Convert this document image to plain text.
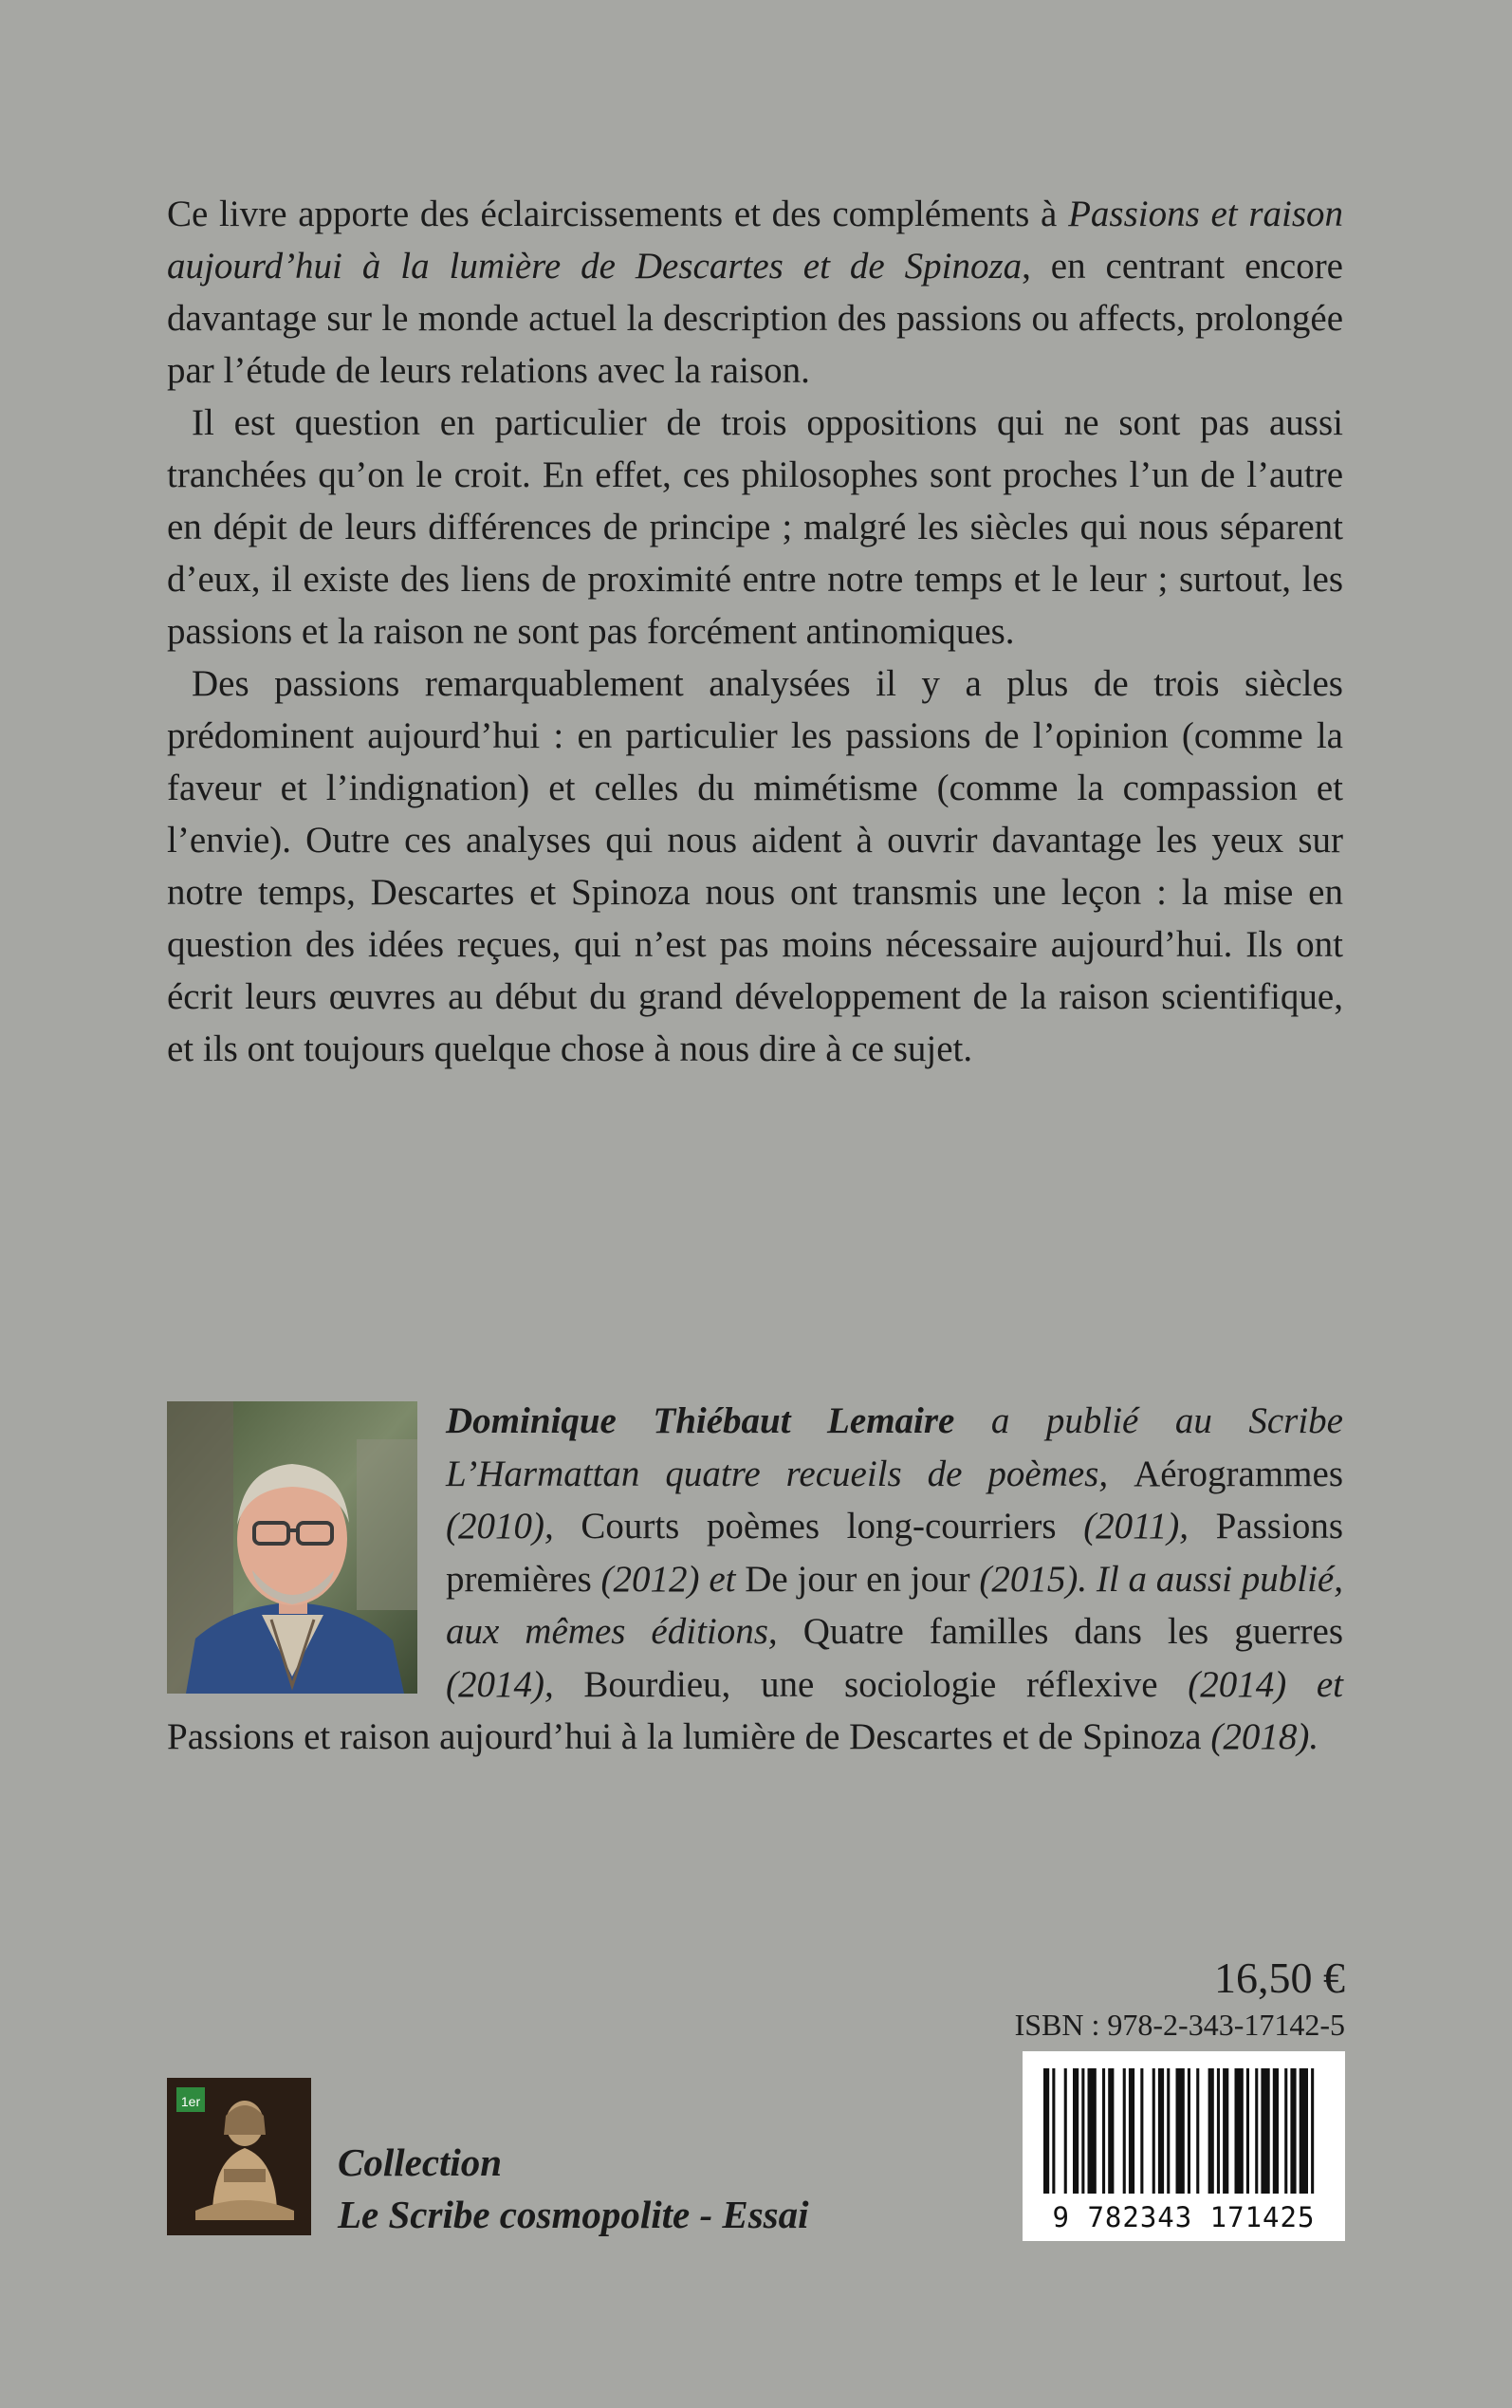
Ce livre apporte des éclaircissements et des compléments à Passions et raison aujourd’hui à la lumière de Descartes et de Spinoza, en centrant encore davantage sur le monde actuel la description des passions ou affects, prolongée par l’étude de leurs relations avec la raison.

Il est question en particulier de trois oppositions qui ne sont pas aussi tranchées qu’on le croit. En effet, ces philosophes sont proches l’un de l’autre en dépit de leurs différences de principe ; malgré les siècles qui nous séparent d’eux, il existe des liens de proximité entre notre temps et le leur ; surtout, les passions et la raison ne sont pas forcément antinomiques.

Des passions remarquablement analysées il y a plus de trois siècles prédominent aujourd’hui : en particulier les passions de l’opinion (comme la faveur et l’indignation) et celles du mimétisme (comme la compassion et l’envie). Outre ces analyses qui nous aident à ouvrir davantage les yeux sur notre temps, Descartes et Spinoza nous ont transmis une leçon : la mise en question des idées reçues, qui n’est pas moins nécessaire aujourd’hui. Ils ont écrit leurs œuvres au début du grand développement de la raison scientifique, et ils ont toujours quelque chose à nous dire à ce sujet.

Dominique Thiébaut Lemaire a publié au Scribe L’Harmattan quatre recueils de poèmes, Aérogrammes (2010), Courts poèmes long-courriers (2011), Passions premières (2012) et De jour en jour (2015). Il a aussi publié, aux mêmes éditions, Quatre familles dans les guerres (2014), Bourdieu, une sociologie réflexive (2014) et Passions et raison aujourd’hui à la lumière de Descartes et de Spinoza (2018).

16,50 €
ISBN : 978-2-343-17142-5
9 782343 171425
1er
Collection
Le Scribe cosmopolite - Essai
